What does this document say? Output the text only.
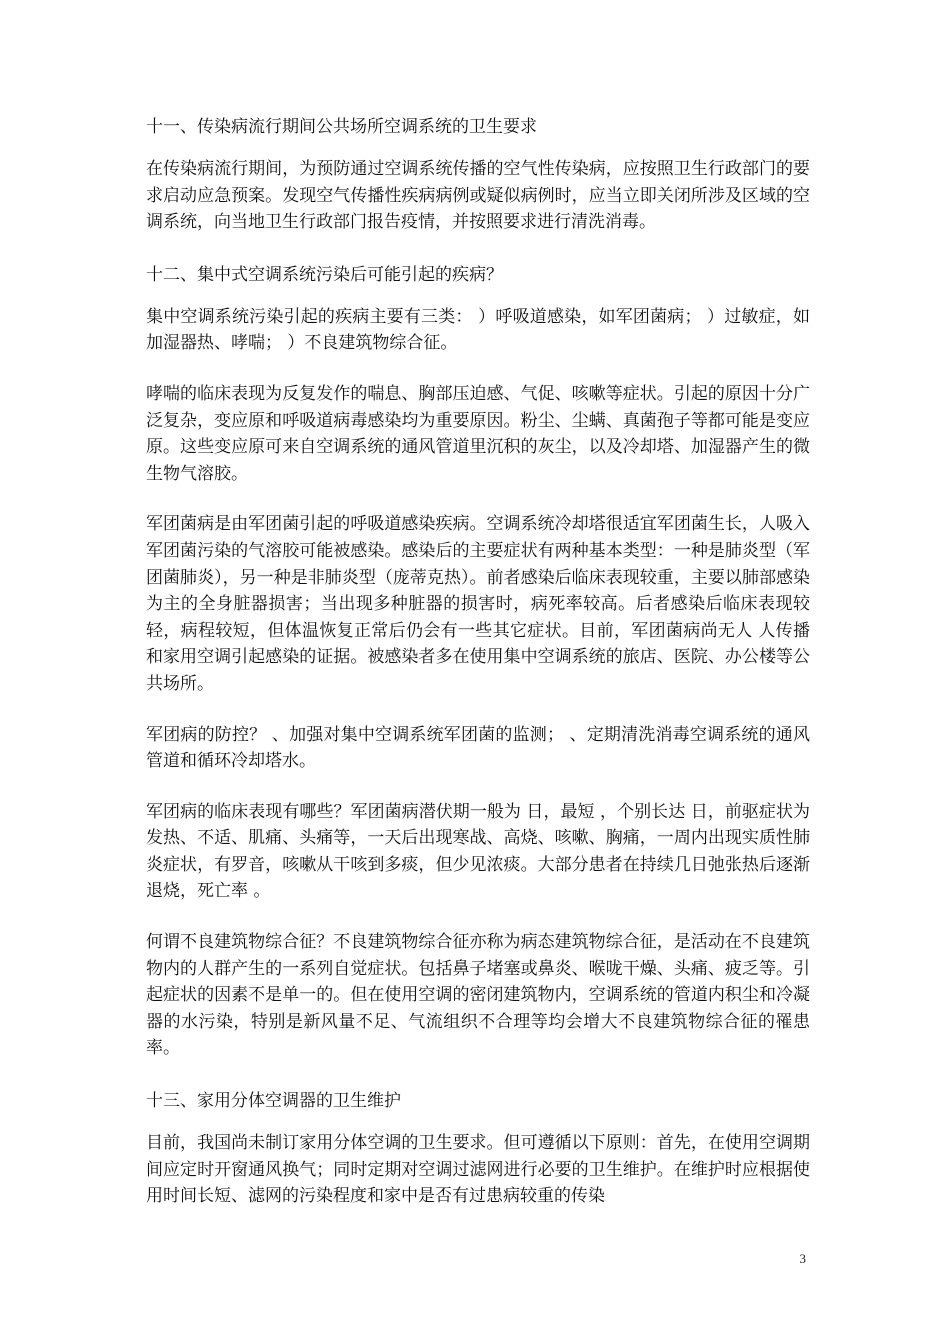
十一、传染病流行期间公共场所空调系统的卫生要求
在传染病流行期间，为预防通过空调系统传播的空气性传染病，应按照卫生行政部门的要求启动应急预案。发现空气传播性疾病病例或疑似病例时，应当立即关闭所涉及区域的空调系统，向当地卫生行政部门报告疫情，并按照要求进行清洗消毒。
十二、集中式空调系统污染后可能引起的疾病？
集中空调系统污染引起的疾病主要有三类： ）呼吸道感染，如军团菌病； ）过敏症，如 加湿器热、哮喘； ）不良建筑物综合征。
哮喘的临床表现为反复发作的喘息、胸部压迫感、气促、咳嗽等症状。引起的原因十分广泛复杂，变应原和呼吸道病毒感染均为重要原因。粉尘、尘螨、真菌孢子等都可能是变应原。这些变应原可来自空调系统的通风管道里沉积的灰尘，以及冷却塔、加湿器产生的微生物气溶胶。
军团菌病是由军团菌引起的呼吸道感染疾病。空调系统冷却塔很适宜军团菌生长，人吸入军团菌污染的气溶胶可能被感染。感染后的主要症状有两种基本类型：一种是肺炎型（军团菌肺炎），另一种是非肺炎型（庞蒂克热）。前者感染后临床表现较重，主要以肺部感染为主的全身脏器损害；当出现多种脏器的损害时，病死率较高。后者感染后临床表现较轻，病程较短，但体温恢复正常后仍会有一些其它症状。目前，军团菌病尚无人 人传播和家用空调引起感染的证据。被感染者多在使用集中空调系统的旅店、医院、办公楼等公共场所。
军团病的防控？ 、加强对集中空调系统军团菌的监测； 、定期清洗消毒空调系统的通风管道和循环冷却塔水。
军团病的临床表现有哪些？军团菌病潜伏期一般为 日，最短 ，个别长达 日，前驱症状为发热、不适、肌痛、头痛等，一天后出现寒战、高烧、咳嗽、胸痛，一周内出现实质性肺炎症状，有罗音，咳嗽从干咳到多痰，但少见浓痰。大部分患者在持续几日弛张热后逐渐退烧，死亡率 。
何谓不良建筑物综合征？不良建筑物综合征亦称为病态建筑物综合征，是活动在不良建筑物内的人群产生的一系列自觉症状。包括鼻子堵塞或鼻炎、喉咙干燥、头痛、疲乏等。引起症状的因素不是单一的。但在使用空调的密闭建筑物内，空调系统的管道内积尘和冷凝器的水污染，特别是新风量不足、气流组织不合理等均会增大不良建筑物综合征的罹患率。
十三、家用分体空调器的卫生维护
目前，我国尚未制订家用分体空调的卫生要求。但可遵循以下原则：首先，在使用空调期间应定时开窗通风换气；同时定期对空调过滤网进行必要的卫生维护。在维护时应根据使用时间长短、滤网的污染程度和家中是否有过患病较重的传染
3
